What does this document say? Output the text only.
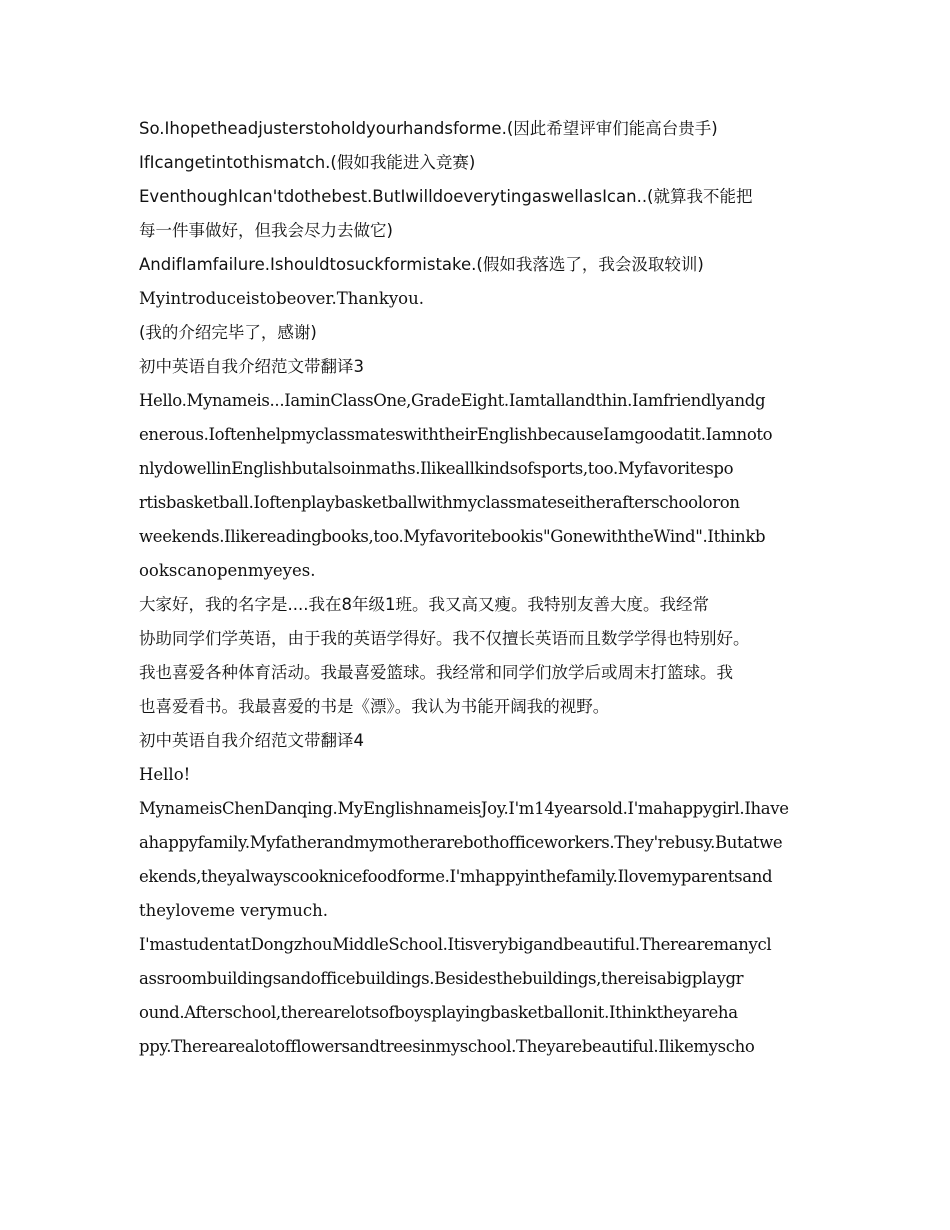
So.Ihopetheadjusterstoholdyourhandsforme.(因此希望评审们能高台贵手)
IfIcangetintothismatch.(假如我能进入竞赛)
EventhoughIcan'tdothebest.ButIwilldoeverytingaswellasIcan..(就算我不能把
每一件事做好，但我会尽力去做它)
AndifIamfailure.Ishouldtosuckformistake.(假如我落选了，我会汲取较训)
Myintroduceistobeover.Thankyou.
(我的介绍完毕了，感谢)
初中英语自我介绍范文带翻译3
Hello.Mynameis...IaminClassOne,GradeEight.Iamtallandthin.Iamfriendlyandg
enerous.IoftenhelpmyclassmateswiththeirEnglishbecauseIamgoodatit.Iamnoto
nlydowellinEnglishbutalsoinmaths.Ilikeallkindsofsports,too.Myfavoritespo
rtisbasketball.Ioftenplaybasketballwithmyclassmateseitherafterschooloron
weekends.Ilikereadingbooks,too.Myfavoritebookis"GonewiththeWind".Ithinkb
ookscanopenmyeyes.
大家好，我的名字是....我在8年级1班。我又高又瘦。我特别友善大度。我经常
协助同学们学英语，由于我的英语学得好。我不仅擅长英语而且数学学得也特别好。
我也喜爱各种体育活动。我最喜爱篮球。我经常和同学们放学后或周末打篮球。我
也喜爱看书。我最喜爱的书是《漂》。我认为书能开阔我的视野。
初中英语自我介绍范文带翻译4
Hello!
MynameisChenDanqing.MyEnglishnameisJoy.I'm14yearsold.I'mahappygirl.Ihave
ahappyfamily.Myfatherandmymotherarebothofficeworkers.They'rebusy.Butatwe
ekends,theyalwayscooknicefoodforme.I'mhappyinthefamily.Ilovemyparentsand
theyloveme verymuch.
I'mastudentatDongzhouMiddleSchool.Itisverybigandbeautiful.Therearemanycl
assroombuildingsandofficebuildings.Besidesthebuildings,thereisabigplaygr
ound.Afterschool,therearelotsofboysplayingbasketballonit.Ithinktheyareha
ppy.Therearealotofflowersandtreesinmyschool.Theyarebeautiful.Ilikemyscho
